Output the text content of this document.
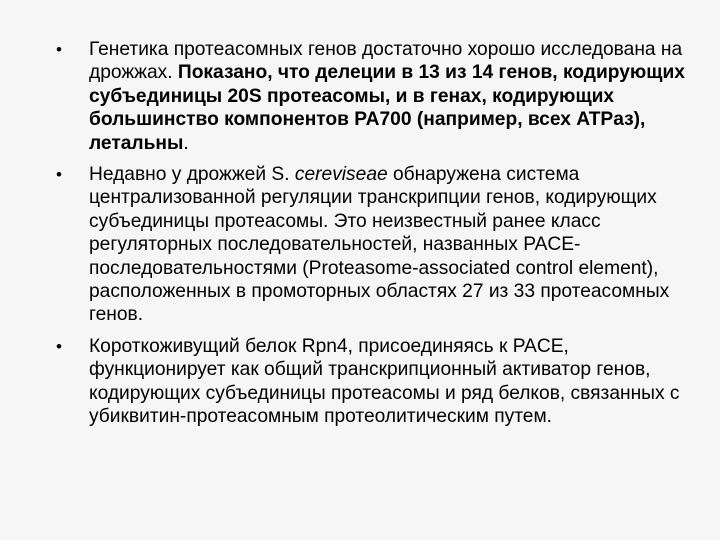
• Генетика протеасомных генов достаточно хорошо исследована на дрожжах. Показано, что делеции в 13 из 14 генов, кодирующих субъединицы 20S протеасомы, и в генах, кодирующих большинство компонентов PA700 (например, всех ATPаз), летальны.
• Недавно у дрожжей S. cereviseae обнаружена система централизованной регуляции транскрипции генов, кодирующих субъединицы протеасомы. Это неизвестный ранее класс регуляторных последовательностей, названных PACE-последовательностями (Proteasome-associated control element), расположенных в промоторных областях 27 из 33 протеасомных генов.
• Короткоживущий белок Rpn4, присоединяясь к PACE, функционирует как общий транскрипционный активатор генов, кодирующих субъединицы протеасомы и ряд белков, связанных с убиквитин-протеасомным протеолитическим путем.
